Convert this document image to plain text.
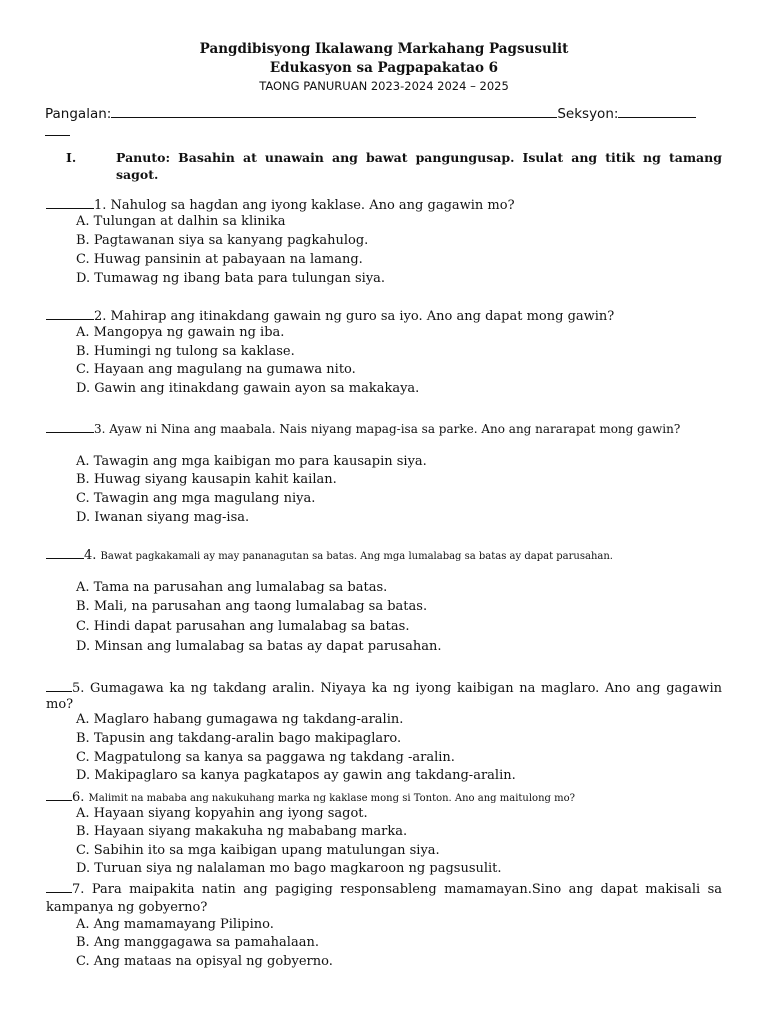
Pangdibisyong Ikalawang Markahang Pagsusulit
Edukasyon sa Pagpapakatao 6
TAONG PANURUAN 2023-2024 2024 – 2025
Pangalan:	Seksyon:
I.	Panuto: Basahin at unawain ang bawat pangungusap. Isulat ang titik ng tamang sagot.
1. Nahulog sa hagdan ang iyong kaklase. Ano ang gagawin mo?
A. Tulungan at dalhin sa klinika
B. Pagtawanan siya sa kanyang pagkahulog.
C. Huwag pansinin at pabayaan na lamang.
D. Tumawag ng ibang bata para tulungan siya.
2. Mahirap ang itinakdang gawain ng guro sa iyo. Ano ang dapat mong gawin?
A. Mangopya ng gawain ng iba.
B. Humingi ng tulong sa kaklase.
C. Hayaan ang magulang na gumawa nito.
D. Gawin ang itinakdang gawain ayon sa makakaya.
3. Ayaw ni Nina ang maabala. Nais niyang mapag-isa sa parke. Ano ang nararapat mong gawin?
A. Tawagin ang mga kaibigan mo para kausapin siya.
B. Huwag siyang kausapin kahit kailan.
C. Tawagin ang mga magulang niya.
D. Iwanan siyang mag-isa.
4. Bawat pagkakamali ay may pananagutan sa batas. Ang mga lumalabag sa batas ay dapat parusahan.
A. Tama na parusahan ang lumalabag sa batas.
B. Mali, na parusahan ang taong lumalabag sa batas.
C. Hindi dapat parusahan ang lumalabag sa batas.
D. Minsan ang lumalabag sa batas ay dapat parusahan.
5. Gumagawa ka ng takdang aralin. Niyaya ka ng iyong kaibigan na maglaro. Ano ang gagawin mo?
A. Maglaro habang gumagawa ng takdang-aralin.
B. Tapusin ang takdang-aralin bago makipaglaro.
C. Magpatulong sa kanya sa paggawa ng takdang -aralin.
D. Makipaglaro sa kanya pagkatapos ay gawin ang takdang-aralin.
6. Malimit na mababa ang nakukuhang marka ng kaklase mong si Tonton. Ano ang maitulong mo?
A. Hayaan siyang kopyahin ang iyong sagot.
B. Hayaan siyang makakuha ng mababang marka.
C. Sabihin ito sa mga kaibigan upang matulungan siya.
D. Turuan siya ng nalalaman mo bago magkaroon ng pagsusulit.
7. Para maipakita natin ang pagiging responsableng mamamayan.Sino ang dapat makisali sa kampanya ng gobyerno?
A. Ang mamamayang Pilipino.
B. Ang manggagawa sa pamahalaan.
C. Ang mataas na opisyal ng gobyerno.
